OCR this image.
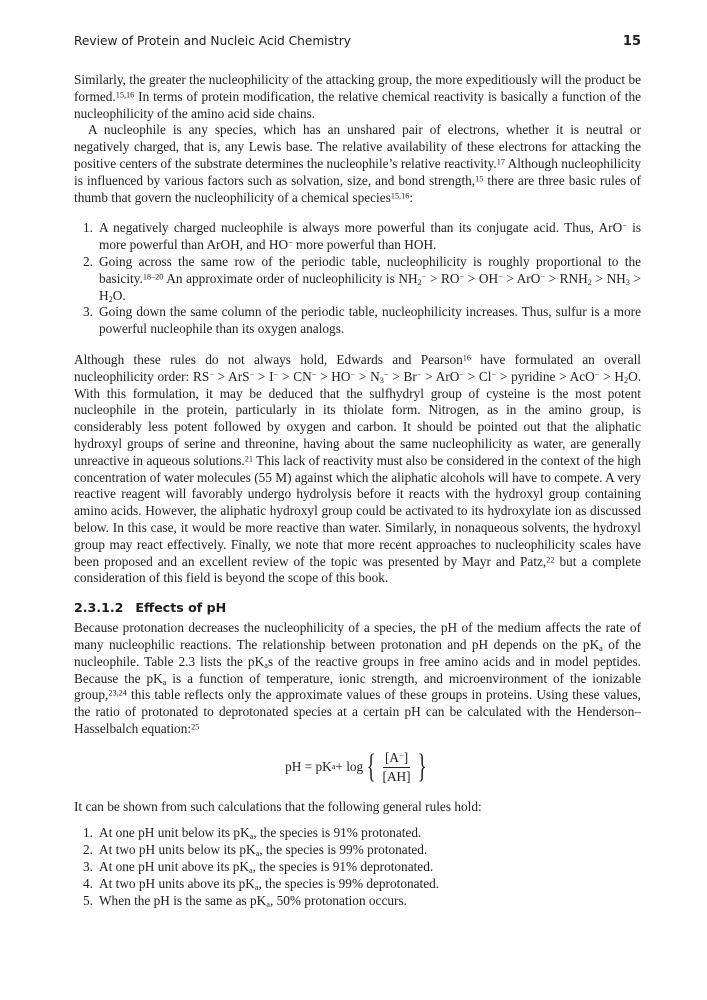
Review of Protein and Nucleic Acid Chemistry	15

Similarly, the greater the nucleophilicity of the attacking group, the more expeditiously will the product be formed.$^{15,16}$ In terms of protein modification, the relative chemical reactivity is basically a function of the nucleophilicity of the amino acid side chains.

A nucleophile is any species, which has an unshared pair of electrons, whether it is neutral or negatively charged, that is, any Lewis base. The relative availability of these electrons for attacking the positive centers of the substrate determines the nucleophile’s relative reactivity.$^{17}$ Although nucleophilicity is influenced by various factors such as solvation, size, and bond strength,$^{15}$ there are three basic rules of thumb that govern the nucleophilicity of a chemical species$^{15,16}$:

1. A negatively charged nucleophile is always more powerful than its conjugate acid. Thus, ArO− is more powerful than ArOH, and HO− more powerful than HOH.
2. Going across the same row of the periodic table, nucleophilicity is roughly proportional to the basicity.$^{18-20}$ An approximate order of nucleophilicity is $NH_2^- > RO^- > OH^- > ArO^- > RNH_2 > NH_3 > H_2O$.
3. Going down the same column of the periodic table, nucleophilicity increases. Thus, sulfur is a more powerful nucleophile than its oxygen analogs.

Although these rules do not always hold, Edwards and Pearson$^{16}$ have formulated an overall nucleophilicity order: $RS^- > ArS^- > I^- > CN^- > HO^- > N_3^- > Br^- > ArO^- > Cl^-$ > pyridine > $AcO^- > H_2O$. With this formulation, it may be deduced that the sulfhydryl group of cysteine is the most potent nucleophile in the protein, particularly in its thiolate form. Nitrogen, as in the amino group, is considerably less potent followed by oxygen and carbon. It should be pointed out that the aliphatic hydroxyl groups of serine and threonine, having about the same nucleophilicity as water, are generally unreactive in aqueous solutions.$^{21}$ This lack of reactivity must also be considered in the context of the high concentration of water molecules (55 M) against which the aliphatic alcohols will have to compete. A very reactive reagent will favorably undergo hydrolysis before it reacts with the hydroxyl group containing amino acids. However, the aliphatic hydroxyl group could be activated to its hydroxylate ion as discussed below. In this case, it would be more reactive than water. Similarly, in nonaqueous solvents, the hydroxyl group may react effectively. Finally, we note that more recent approaches to nucleophilicity scales have been proposed and an excellent review of the topic was presented by Mayr and Patz,$^{22}$ but a complete consideration of this field is beyond the scope of this book.

2.3.1.2 Effects of pH

Because protonation decreases the nucleophilicity of a species, the pH of the medium affects the rate of many nucleophilic reactions. The relationship between protonation and pH depends on the $pK_a$ of the nucleophile. Table 2.3 lists the $pK_as$ of the reactive groups in free amino acids and in model peptides. Because the $pK_a$ is a function of temperature, ionic strength, and microenvironment of the ionizable group,$^{23,24}$ this table reflects only the approximate values of these groups in proteins. Using these values, the ratio of protonated to deprotonated species at a certain pH can be calculated with the Henderson–Hasselbalch equation:$^{25}$

pH = pK a + log { $\frac{[A^-]}{[AH]}$ }

It can be shown from such calculations that the following general rules hold:

1. At one pH unit below its $pK_a$, the species is 91% protonated.
2. At two pH units below its $pK_a$, the species is 99% protonated.
3. At one pH unit above its $pK_a$, the species is 91% deprotonated.
4. At two pH units above its $pK_a$, the species is 99% deprotonated.
5. When the pH is the same as $pK_a$, 50% protonation occurs.
